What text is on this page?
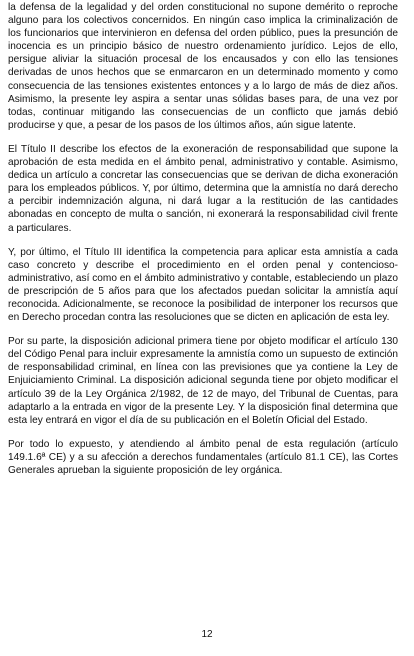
la defensa de la legalidad y del orden constitucional no supone demérito o reproche alguno para los colectivos concernidos. En ningún caso implica la criminalización de los funcionarios que intervinieron en defensa del orden público, pues la presunción de inocencia es un principio básico de nuestro ordenamiento jurídico. Lejos de ello, persigue aliviar la situación procesal de los encausados y con ello las tensiones derivadas de unos hechos que se enmarcaron en un determinado momento y como consecuencia de las tensiones existentes entonces y a lo largo de más de diez años. Asimismo, la presente ley aspira a sentar unas sólidas bases para, de una vez por todas, continuar mitigando las consecuencias de un conflicto que jamás debió producirse y que, a pesar de los pasos de los últimos años, aún sigue latente.

El Título II describe los efectos de la exoneración de responsabilidad que supone la aprobación de esta medida en el ámbito penal, administrativo y contable. Asimismo, dedica un artículo a concretar las consecuencias que se derivan de dicha exoneración para los empleados públicos. Y, por último, determina que la amnistía no dará derecho a percibir indemnización alguna, ni dará lugar a la restitución de las cantidades abonadas en concepto de multa o sanción, ni exonerará la responsabilidad civil frente a particulares.

Y, por último, el Título III identifica la competencia para aplicar esta amnistía a cada caso concreto y describe el procedimiento en el orden penal y contencioso-administrativo, así como en el ámbito administrativo y contable, estableciendo un plazo de prescripción de 5 años para que los afectados puedan solicitar la amnistía aquí reconocida. Adicionalmente, se reconoce la posibilidad de interponer los recursos que en Derecho procedan contra las resoluciones que se dicten en aplicación de esta ley.

Por su parte, la disposición adicional primera tiene por objeto modificar el artículo 130 del Código Penal para incluir expresamente la amnistía como un supuesto de extinción de responsabilidad criminal, en línea con las previsiones que ya contiene la Ley de Enjuiciamiento Criminal. La disposición adicional segunda tiene por objeto modificar el artículo 39 de la Ley Orgánica 2/1982, de 12 de mayo, del Tribunal de Cuentas, para adaptarlo a la entrada en vigor de la presente Ley. Y la disposición final determina que esta ley entrará en vigor el día de su publicación en el Boletín Oficial del Estado.

Por todo lo expuesto, y atendiendo al ámbito penal de esta regulación (artículo 149.1.6ª CE) y a su afección a derechos fundamentales (artículo 81.1 CE), las Cortes Generales aprueban la siguiente proposición de ley orgánica.

12
